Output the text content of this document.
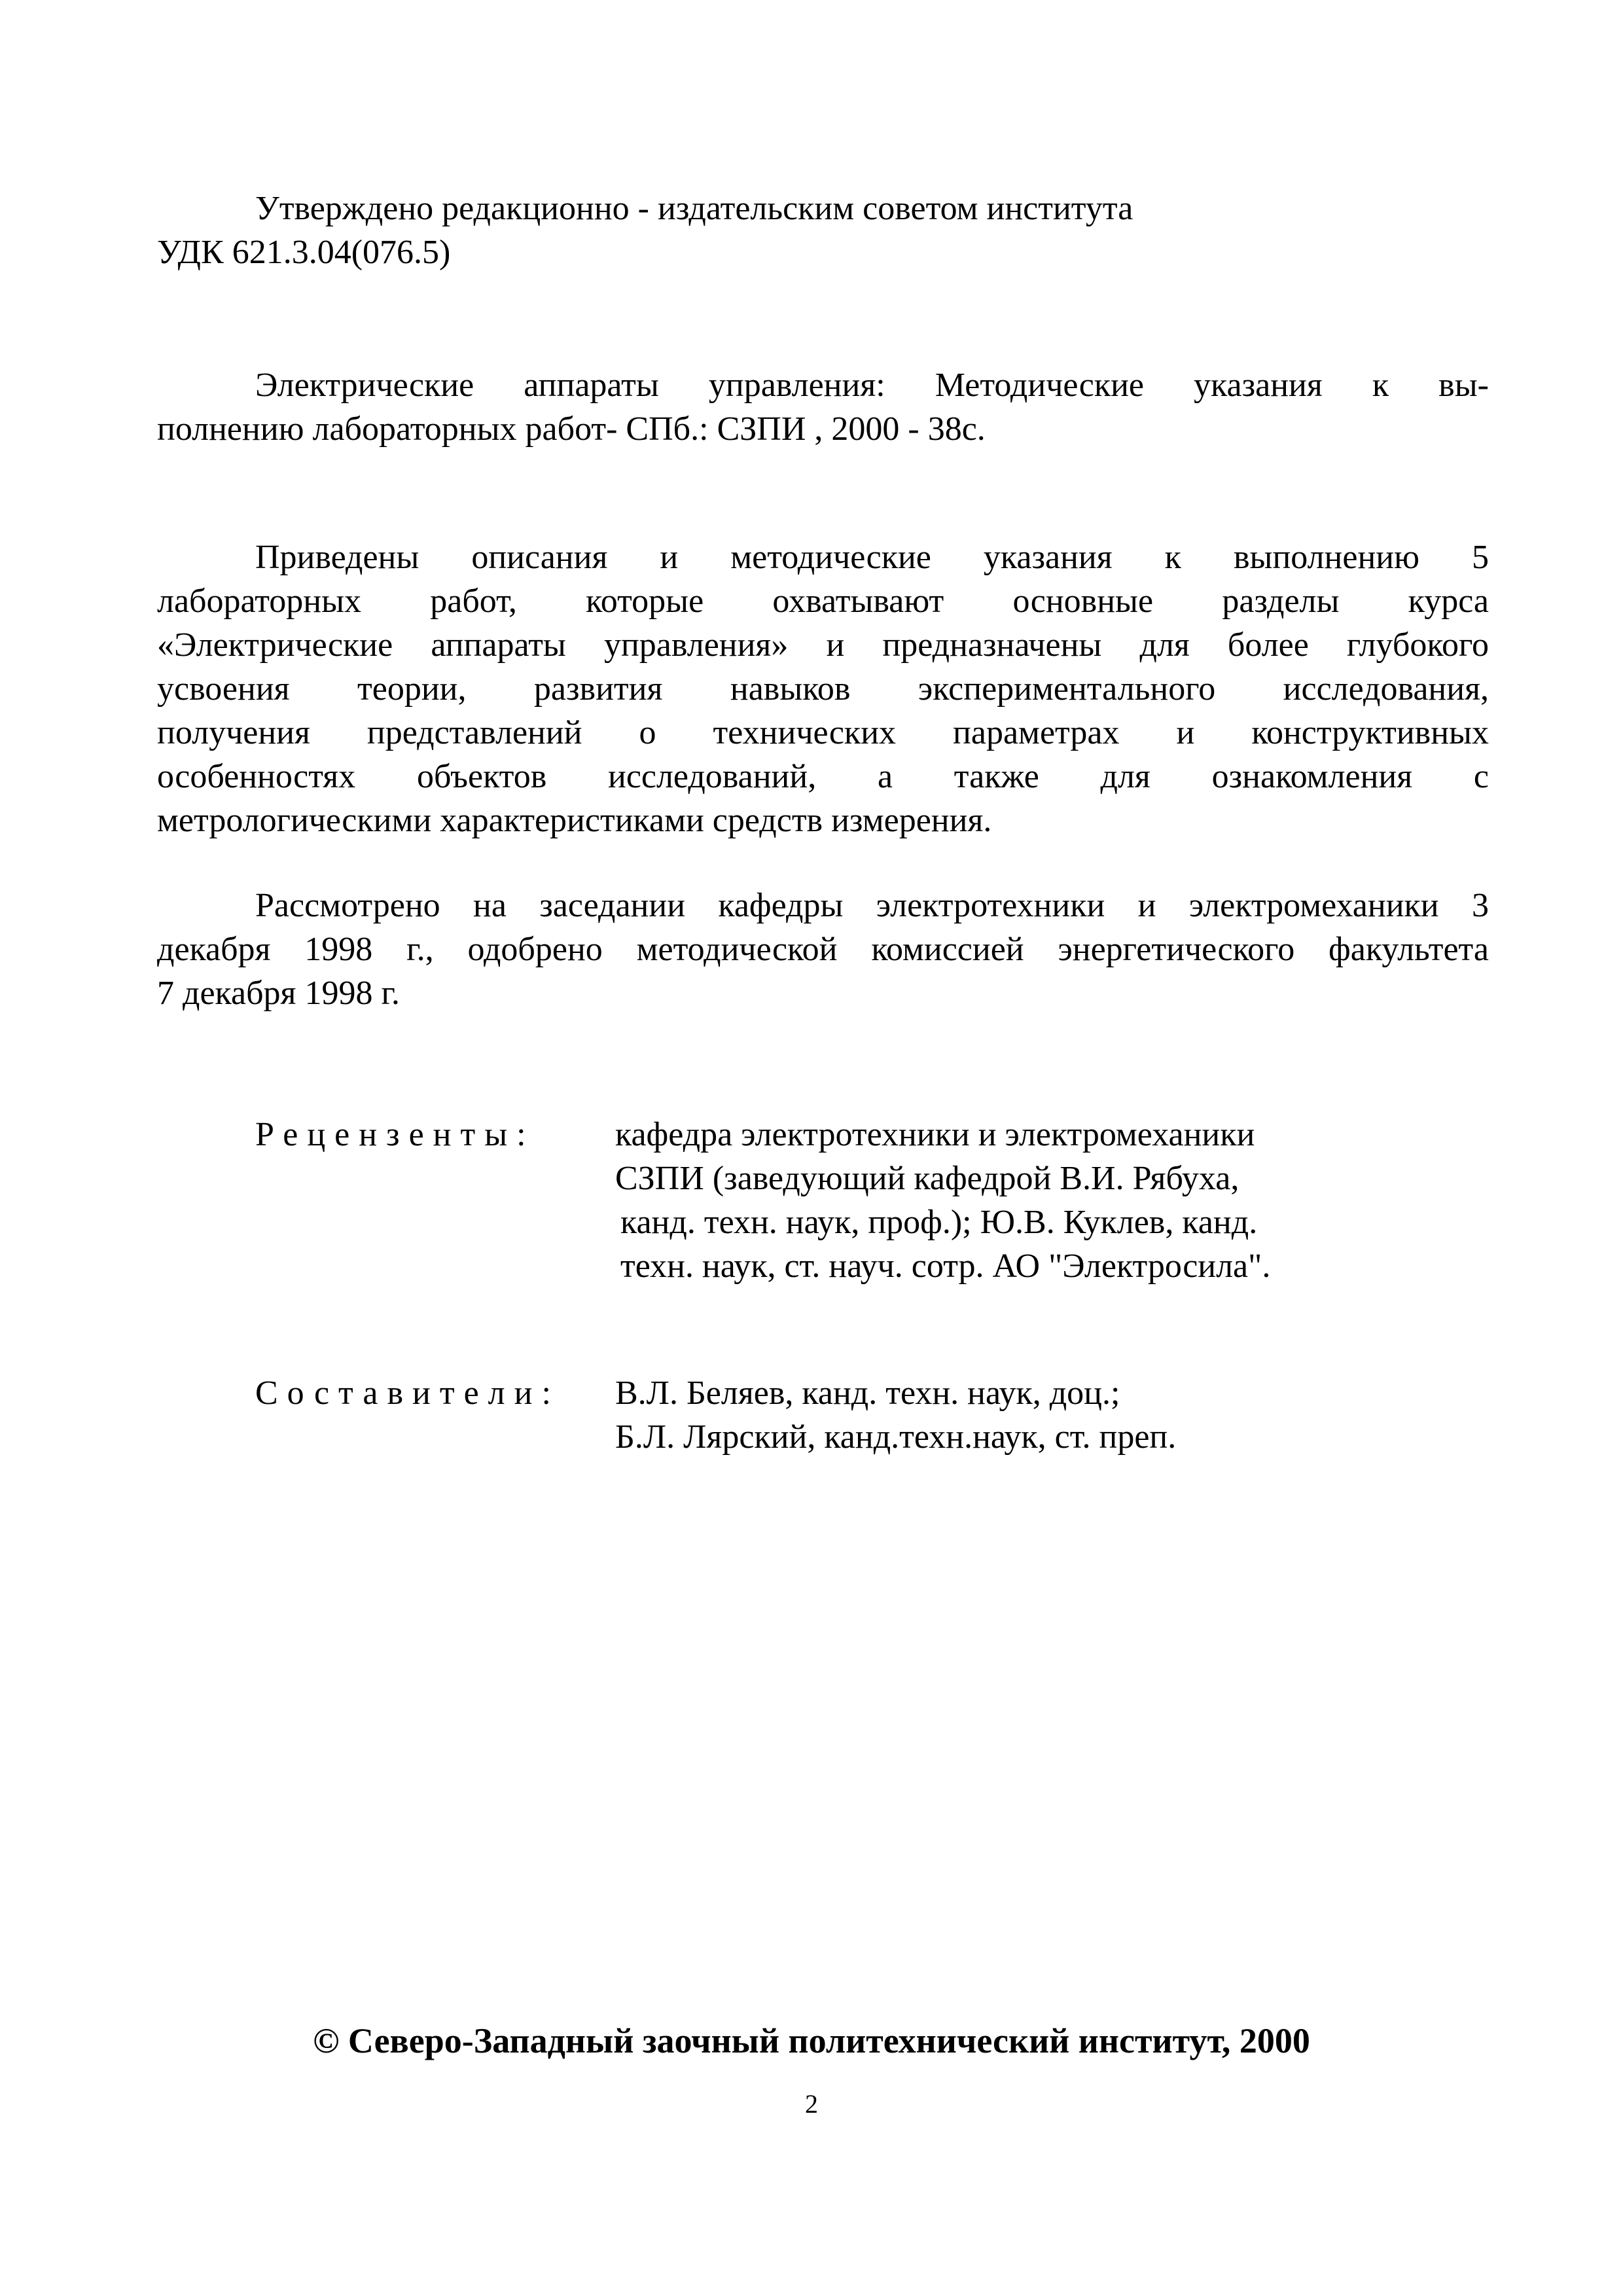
Утверждено редакционно - издательским советом института
УДК 621.3.04(076.5)
Электрические аппараты управления: Методические указания к вы-
полнению лабораторных работ- СПб.: СЗПИ , 2000 - 38с.
Приведены описания и методические указания к выполнению 5
лабораторных работ, которые охватывают основные разделы курса
«Электрические аппараты управления» и предназначены для более глубокого
усвоения теории, развития навыков экспериментального исследования,
получения представлений о технических параметрах и конструктивных
особенностях объектов исследований, а также для ознакомления с
метрологическими характеристиками средств измерения.
Рассмотрено на заседании кафедры электротехники и электромеханики 3
декабря 1998 г., одобрено методической комиссией энергетического факультета
7 декабря 1998 г.
Рецензенты: кафедра электротехники и электромеханики
СЗПИ (заведующий кафедрой В.И. Рябуха,
канд. техн. наук, проф.); Ю.В. Куклев, канд.
техн. наук, ст. науч. сотр. АО "Электросила".
Составители: В.Л. Беляев, канд. техн. наук, доц.;
Б.Л. Лярский, канд.техн.наук, ст. преп.
© Северо-Западный заочный политехнический институт, 2000
2
